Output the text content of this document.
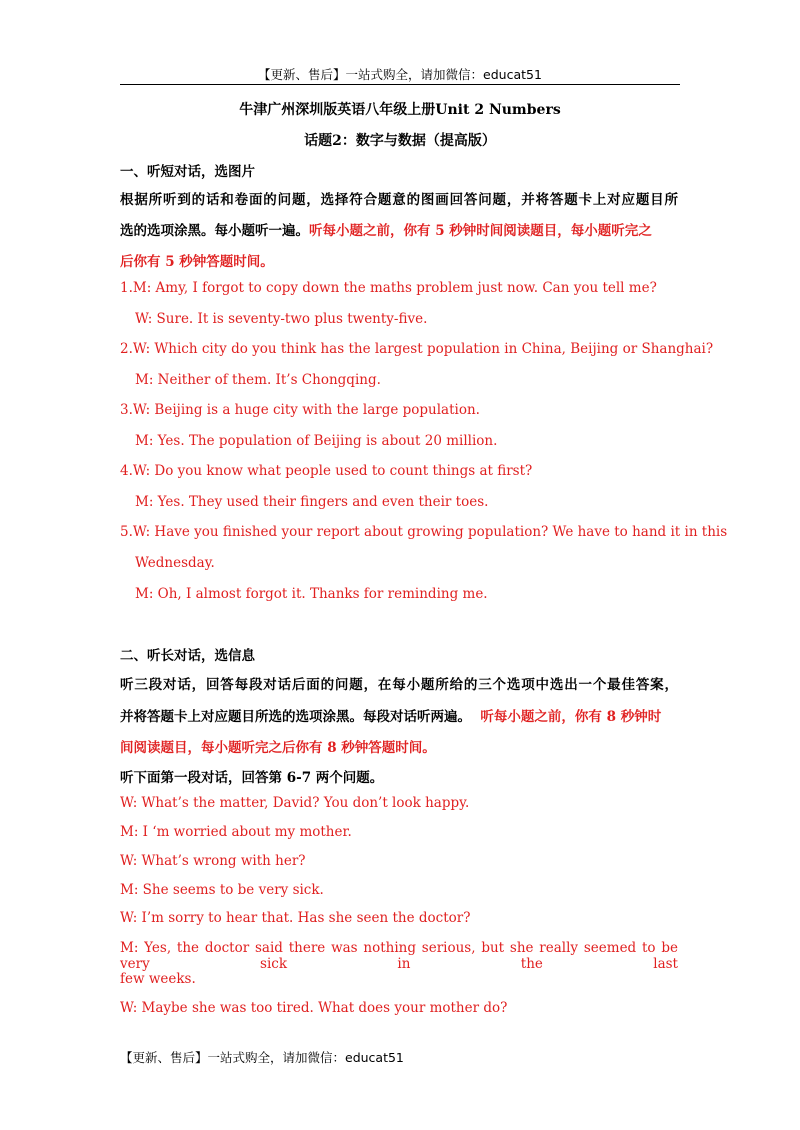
【更新、售后】一站式购全，请加微信：educat51
牛津广州深圳版英语八年级上册Unit 2 Numbers
话题2：数字与数据（提高版）
一、听短对话，选图片
根据所听到的话和卷面的问题，选择符合题意的图画回答问题，并将答题卡上对应题目所
选的选项涂黑。每小题听一遍。听每小题之前，你有 5 秒钟时间阅读题目，每小题听完之
后你有 5 秒钟答题时间。
1.M: Amy, I forgot to copy down the maths problem just now. Can you tell me?
W: Sure. It is seventy-two plus twenty-five.
2.W: Which city do you think has the largest population in China, Beijing or Shanghai?
M: Neither of them. It’s Chongqing.
3.W: Beijing is a huge city with the large population.
M: Yes. The population of Beijing is about 20 million.
4.W: Do you know what people used to count things at first?
M: Yes. They used their fingers and even their toes.
5.W: Have you finished your report about growing population? We have to hand it in this
Wednesday.
M: Oh, I almost forgot it. Thanks for reminding me.
二、听长对话，选信息
听三段对话，回答每段对话后面的问题，在每小题所给的三个选项中选出一个最佳答案，
并将答题卡上对应题目所选的选项涂黑。每段对话听两遍。 听每小题之前，你有 8 秒钟时
间阅读题目，每小题听完之后你有 8 秒钟答题时间。
听下面第一段对话，回答第 6-7 两个问题。
W: What’s the matter, David? You don’t look happy.
M: I ‘m worried about my mother.
W: What’s wrong with her?
M: She seems to be very sick.
W: I’m sorry to hear that. Has she seen the doctor?
M: Yes, the doctor said there was nothing serious, but she really seemed to be very sick in the last
few weeks.
W: Maybe she was too tired. What does your mother do?
【更新、售后】一站式购全，请加微信：educat51
